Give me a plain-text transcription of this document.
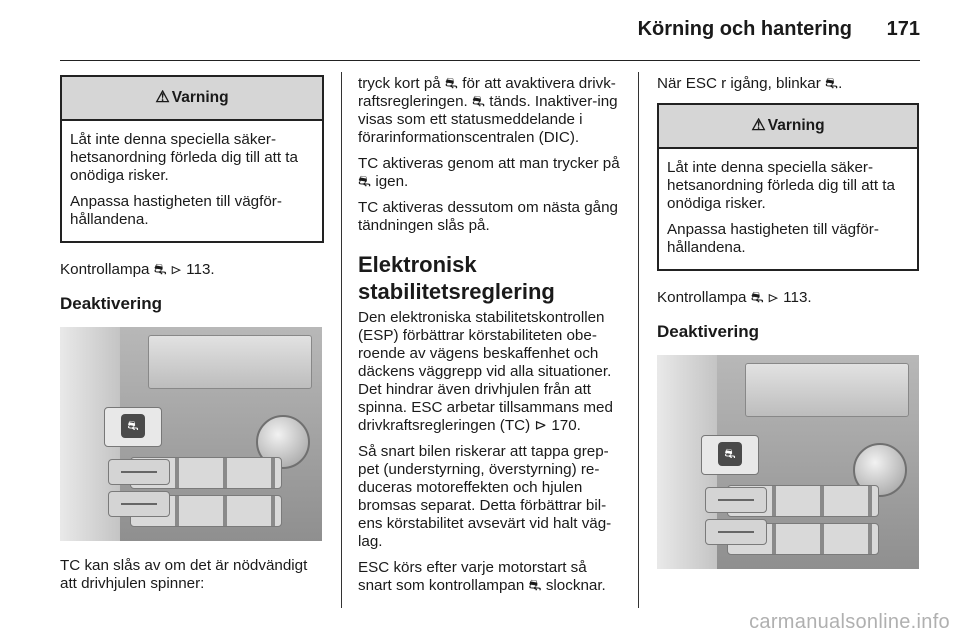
Körning och hantering 171
⚠ Varning

Låt inte denna speciella säker-hetsanordning förleda dig till att ta onödiga risker.

Anpassa hastigheten till vägför-hållandena.

Kontrollampa ⛐ ⊳ 113.

Deaktivering
⛐

TC kan slås av om det är nödvändigt att drivhjulen spinner:

tryck kort på ⛐ för att avaktivera drivk-raftsregleringen. ⛐ tänds. Inaktiver-ing visas som ett statusmeddelande i förarinformationscentralen (DIC).

TC aktiveras genom att man trycker på ⛐ igen.

TC aktiveras dessutom om nästa gång tändningen slås på.

Elektronisk stabilitetsreglering

Den elektroniska stabilitetskontrollen (ESP) förbättrar körstabiliteten obe-roende av vägens beskaffenhet och däckens väggrepp vid alla situationer. Det hindrar även drivhjulen från att spinna. ESC arbetar tillsammans med drivkraftsregleringen (TC) ⊳ 170.

Så snart bilen riskerar att tappa grep-pet (understyrning, överstyrning) re-duceras motoreffekten och hjulen bromsas separat. Detta förbättrar bil-ens körstabilitet avsevärt vid halt väg-lag.

ESC körs efter varje motorstart så snart som kontrollampan ⛐ slocknar.

När ESC r igång, blinkar ⛐.

⚠ Varning

Låt inte denna speciella säker-hetsanordning förleda dig till att ta onödiga risker.

Anpassa hastigheten till vägför-hållandena.

Kontrollampa ⛐ ⊳ 113.

Deaktivering
⛐
carmanualsonline.info
